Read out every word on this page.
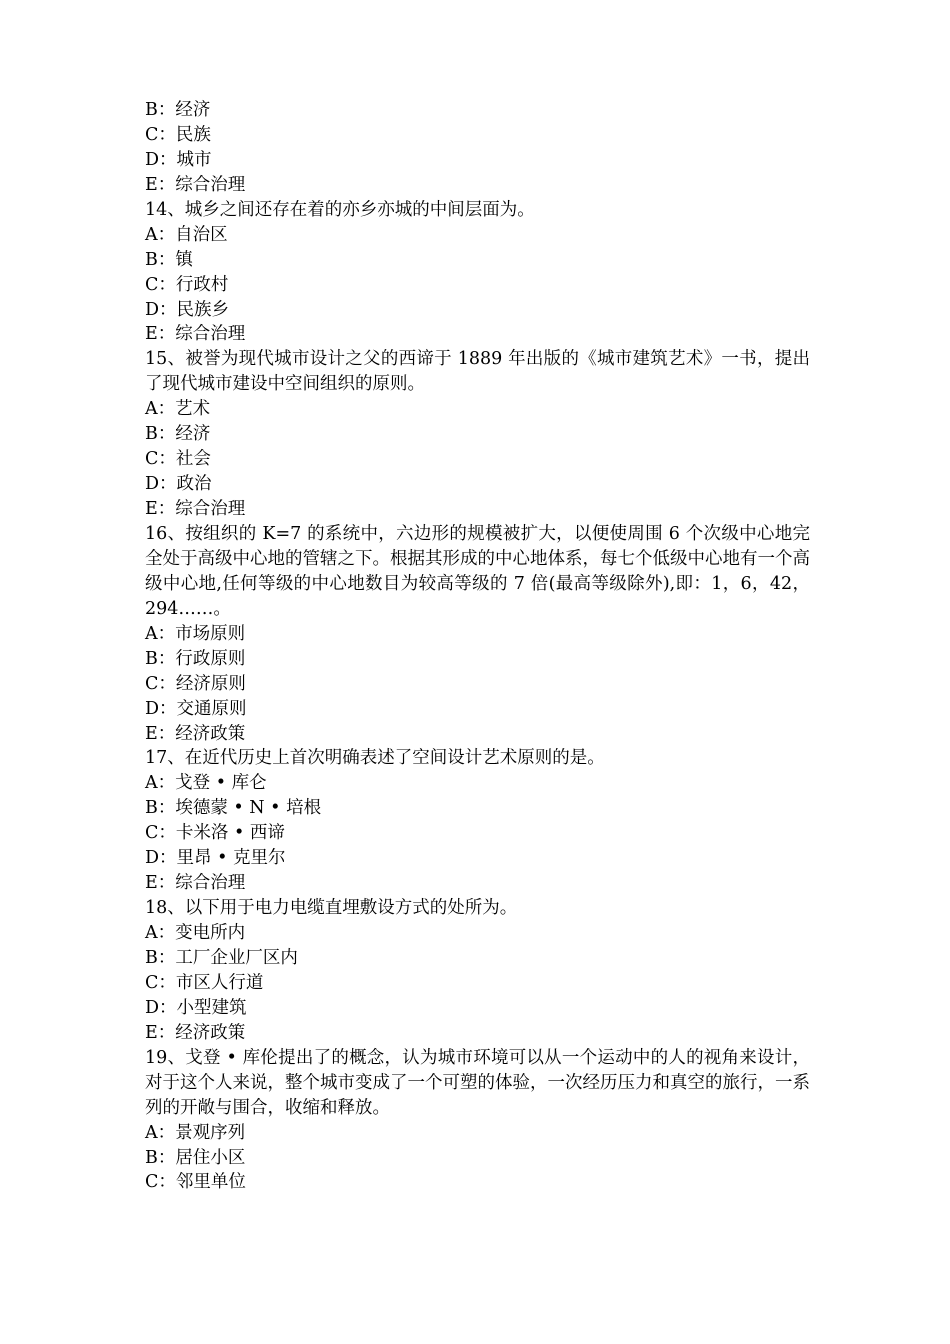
B：经济
C：民族
D：城市
E：综合治理
14、城乡之间还存在着的亦乡亦城的中间层面为。
A：自治区
B：镇
C：行政村
D：民族乡
E：综合治理
15、被誉为现代城市设计之父的西谛于 1889 年出版的《城市建筑艺术》一书，提出了现代城市建设中空间组织的原则。
A：艺术
B：经济
C：社会
D：政治
E：综合治理
16、按组织的 K=7 的系统中，六边形的规模被扩大，以便使周围 6 个次级中心地完全处于高级中心地的管辖之下。根据其形成的中心地体系，每七个低级中心地有一个高级中心地,任何等级的中心地数目为较高等级的 7 倍(最高等级除外),即：1，6，42，294……。
A：市场原则
B：行政原则
C：经济原则
D：交通原则
E：经济政策
17、在近代历史上首次明确表述了空间设计艺术原则的是。
A：戈登 • 库仑
B：埃德蒙 • N • 培根
C：卡米洛 • 西谛
D：里昂 • 克里尔
E：综合治理
18、以下用于电力电缆直埋敷设方式的处所为。
A：变电所内
B：工厂企业厂区内
C：市区人行道
D：小型建筑
E：经济政策
19、戈登 • 库伦提出了的概念，认为城市环境可以从一个运动中的人的视角来设计，对于这个人来说，整个城市变成了一个可塑的体验，一次经历压力和真空的旅行，一系列的开敞与围合，收缩和释放。
A：景观序列
B：居住小区
C：邻里单位
